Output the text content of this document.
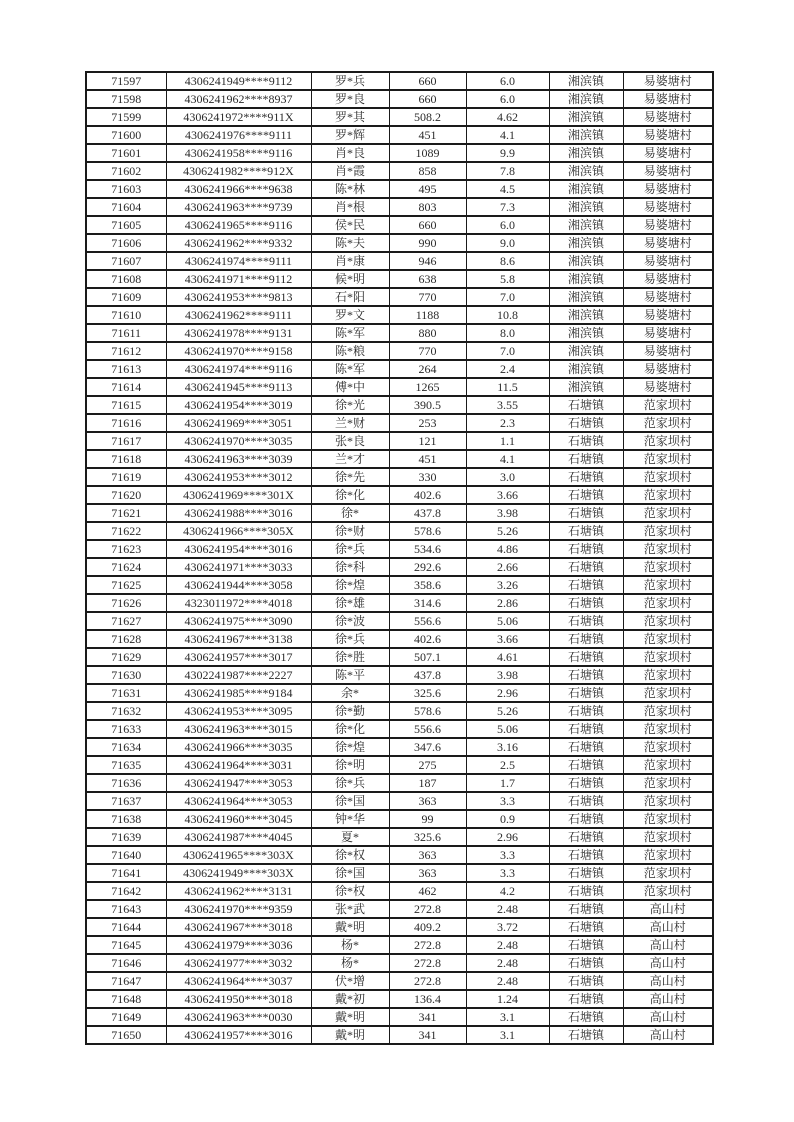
71597	4306241949****9112	罗*兵	660	6.0	湘滨镇	易婆塘村
71598	4306241962****8937	罗*良	660	6.0	湘滨镇	易婆塘村
71599	4306241972****911X	罗*其	508.2	4.62	湘滨镇	易婆塘村
71600	4306241976****9111	罗*辉	451	4.1	湘滨镇	易婆塘村
71601	4306241958****9116	肖*良	1089	9.9	湘滨镇	易婆塘村
71602	4306241982****912X	肖*霞	858	7.8	湘滨镇	易婆塘村
71603	4306241966****9638	陈*林	495	4.5	湘滨镇	易婆塘村
71604	4306241963****9739	肖*根	803	7.3	湘滨镇	易婆塘村
71605	4306241965****9116	侯*民	660	6.0	湘滨镇	易婆塘村
71606	4306241962****9332	陈*夫	990	9.0	湘滨镇	易婆塘村
71607	4306241974****9111	肖*康	946	8.6	湘滨镇	易婆塘村
71608	4306241971****9112	候*明	638	5.8	湘滨镇	易婆塘村
71609	4306241953****9813	石*阳	770	7.0	湘滨镇	易婆塘村
71610	4306241962****9111	罗*文	1188	10.8	湘滨镇	易婆塘村
71611	4306241978****9131	陈*军	880	8.0	湘滨镇	易婆塘村
71612	4306241970****9158	陈*粮	770	7.0	湘滨镇	易婆塘村
71613	4306241974****9116	陈*军	264	2.4	湘滨镇	易婆塘村
71614	4306241945****9113	傅*中	1265	11.5	湘滨镇	易婆塘村
71615	4306241954****3019	徐*光	390.5	3.55	石塘镇	范家坝村
71616	4306241969****3051	兰*财	253	2.3	石塘镇	范家坝村
71617	4306241970****3035	张*良	121	1.1	石塘镇	范家坝村
71618	4306241963****3039	兰*才	451	4.1	石塘镇	范家坝村
71619	4306241953****3012	徐*先	330	3.0	石塘镇	范家坝村
71620	4306241969****301X	徐*化	402.6	3.66	石塘镇	范家坝村
71621	4306241988****3016	徐*	437.8	3.98	石塘镇	范家坝村
71622	4306241966****305X	徐*财	578.6	5.26	石塘镇	范家坝村
71623	4306241954****3016	徐*兵	534.6	4.86	石塘镇	范家坝村
71624	4306241971****3033	徐*科	292.6	2.66	石塘镇	范家坝村
71625	4306241944****3058	徐*煌	358.6	3.26	石塘镇	范家坝村
71626	4323011972****4018	徐*雄	314.6	2.86	石塘镇	范家坝村
71627	4306241975****3090	徐*波	556.6	5.06	石塘镇	范家坝村
71628	4306241967****3138	徐*兵	402.6	3.66	石塘镇	范家坝村
71629	4306241957****3017	徐*胜	507.1	4.61	石塘镇	范家坝村
71630	4302241987****2227	陈*平	437.8	3.98	石塘镇	范家坝村
71631	4306241985****9184	余*	325.6	2.96	石塘镇	范家坝村
71632	4306241953****3095	徐*勤	578.6	5.26	石塘镇	范家坝村
71633	4306241963****3015	徐*化	556.6	5.06	石塘镇	范家坝村
71634	4306241966****3035	徐*煌	347.6	3.16	石塘镇	范家坝村
71635	4306241964****3031	徐*明	275	2.5	石塘镇	范家坝村
71636	4306241947****3053	徐*兵	187	1.7	石塘镇	范家坝村
71637	4306241964****3053	徐*国	363	3.3	石塘镇	范家坝村
71638	4306241960****3045	钟*华	99	0.9	石塘镇	范家坝村
71639	4306241987****4045	夏*	325.6	2.96	石塘镇	范家坝村
71640	4306241965****303X	徐*权	363	3.3	石塘镇	范家坝村
71641	4306241949****303X	徐*国	363	3.3	石塘镇	范家坝村
71642	4306241962****3131	徐*权	462	4.2	石塘镇	范家坝村
71643	4306241970****9359	张*武	272.8	2.48	石塘镇	高山村
71644	4306241967****3018	戴*明	409.2	3.72	石塘镇	高山村
71645	4306241979****3036	杨*	272.8	2.48	石塘镇	高山村
71646	4306241977****3032	杨*	272.8	2.48	石塘镇	高山村
71647	4306241964****3037	伏*增	272.8	2.48	石塘镇	高山村
71648	4306241950****3018	戴*初	136.4	1.24	石塘镇	高山村
71649	4306241963****0030	戴*明	341	3.1	石塘镇	高山村
71650	4306241957****3016	戴*明	341	3.1	石塘镇	高山村
